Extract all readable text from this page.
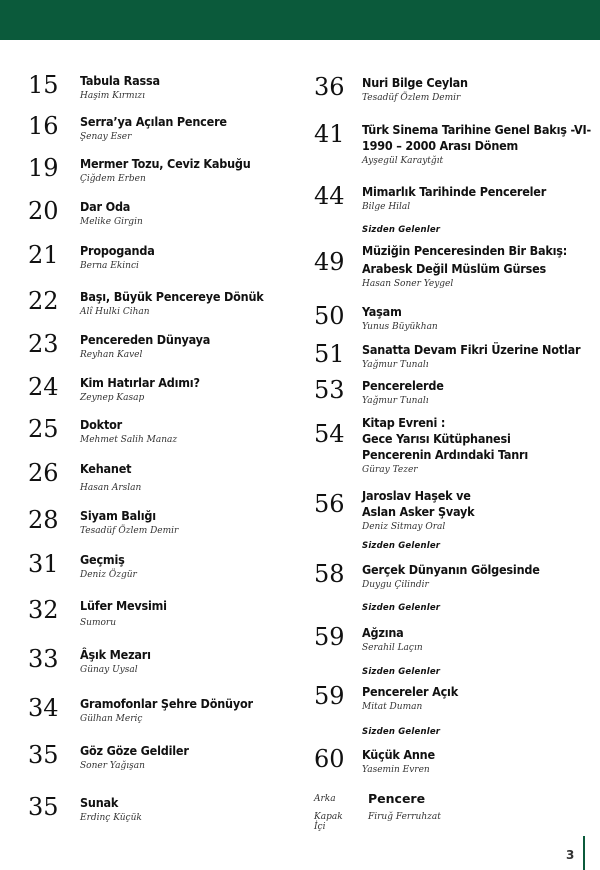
15	Tabula Rassa
Haşim Kırmızı
16	Serra’ya Açılan Pencere
Şenay Eser
19	Mermer Tozu, Ceviz Kabuğu
Çiğdem Erben
20	Dar Oda
Melike Girgin
21	Propoganda
Berna Ekinci
22	Başı, Büyük Pencereye Dönük
Alî Hulki Cihan
23	Pencereden Dünyaya
Reyhan Kavel
24	Kim Hatırlar Adımı?
Zeynep Kasap
25	Doktor
Mehmet Salih Manaz
26	Kehanet
Hasan Arslan
28	Siyam Balığı
Tesadüf Özlem Demir
31	Geçmiş
Deniz Özgür
32	Lüfer Mevsimi
Sumoru
33	Âşık Mezarı
Günay Uysal
34	Gramofonlar Şehre Dönüyor
Gülhan Meriç
35	Göz Göze Geldiler
Soner Yağışan
35	Sunak
Erdinç Küçük
36	Nuri Bilge Ceylan
Tesadüf Özlem Demir
41	Türk Sinema Tarihine Genel Bakış -VI-
1990 – 2000 Arası Dönem
Ayşegül Karaytğıt
44	Mimarlık Tarihinde Pencereler
Bilge Hilal
Sizden Gelenler
49	Müziğin Penceresinden Bir Bakış:
Arabesk Değil Müslüm Gürses
Hasan Soner Yeygel
50	Yaşam
Yunus Büyükhan
51	Sanatta Devam Fikri Üzerine Notlar
Yağmur Tunalı
53	Pencerelerde
Yağmur Tunalı
54	Kitap Evreni :
Gece Yarısı Kütüphanesi
Pencerenin Ardındaki Tanrı
Güray Tezer
56	Jaroslav Haşek ve
Aslan Asker Şvayk
Deniz Sitmay Oral
Sizden Gelenler
58	Gerçek Dünyanın Gölgesinde
Duygu Çilindir
Sizden Gelenler
59	Ağzına
Serahil Laçın
Sizden Gelenler
59	Pencereler Açık
Mitat Duman
Sizden Gelenler
60	Küçük Anne
Yasemin Evren
Arka	Pencere
Kapak İçi
Firuğ Ferruhzat
3
